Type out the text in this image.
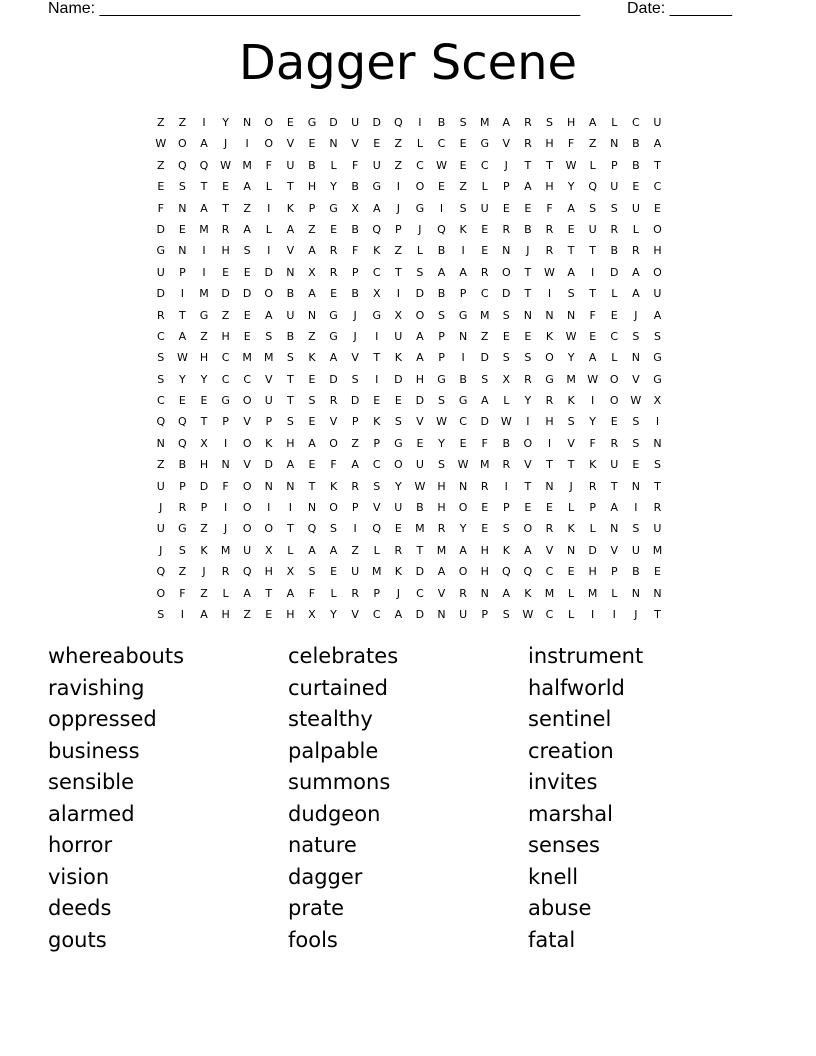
Name: ______________________________________________________	Date: _______
Dagger Scene
Z	Z	I	Y	N	O	E	G	D	U	D	Q	I	B	S	M	A	R	S	H	A	L	C	U
W	O	A	J	I	O	V	E	N	V	E	Z	L	C	E	G	V	R	H	F	Z	N	B	A
Z	Q	Q	W	M	F	U	B	L	F	U	Z	C	W	E	C	J	T	T	W	L	P	B	T
E	S	T	E	A	L	T	H	Y	B	G	I	O	E	Z	L	P	A	H	Y	Q	U	E	C
F	N	A	T	Z	I	K	P	G	X	A	J	G	I	S	U	E	E	F	A	S	S	U	E
D	E	M	R	A	L	A	Z	E	B	Q	P	J	Q	K	E	R	B	R	E	U	R	L	O
G	N	I	H	S	I	V	A	R	F	K	Z	L	B	I	E	N	J	R	T	T	B	R	H
U	P	I	E	E	D	N	X	R	P	C	T	S	A	A	R	O	T	W	A	I	D	A	O
D	I	M	D	D	O	B	A	E	B	X	I	D	B	P	C	D	T	I	S	T	L	A	U
R	T	G	Z	E	A	U	N	G	J	G	X	O	S	G	M	S	N	N	N	F	E	J	A
C	A	Z	H	E	S	B	Z	G	J	I	U	A	P	N	Z	E	E	K	W	E	C	S	S
S	W	H	C	M	M	S	K	A	V	T	K	A	P	I	D	S	S	O	Y	A	L	N	G
S	Y	Y	C	C	V	T	E	D	S	I	D	H	G	B	S	X	R	G	M	W	O	V	G
C	E	E	G	O	U	T	S	R	D	E	E	D	S	G	A	L	Y	R	K	I	O	W	X
Q	Q	T	P	V	P	S	E	V	P	K	S	V	W	C	D	W	I	H	S	Y	E	S	I
N	Q	X	I	O	K	H	A	O	Z	P	G	E	Y	E	F	B	O	I	V	F	R	S	N
Z	B	H	N	V	D	A	E	F	A	C	O	U	S	W	M	R	V	T	T	K	U	E	S
U	P	D	F	O	N	N	T	K	R	S	Y	W	H	N	R	I	T	N	J	R	T	N	T
J	R	P	I	O	I	I	N	O	P	V	U	B	H	O	E	P	E	E	L	P	A	I	R
U	G	Z	J	O	O	T	Q	S	I	Q	E	M	R	Y	E	S	O	R	K	L	N	S	U
J	S	K	M	U	X	L	A	A	Z	L	R	T	M	A	H	K	A	V	N	D	V	U	M
Q	Z	J	R	Q	H	X	S	E	U	M	K	D	A	O	H	Q	Q	C	E	H	P	B	E
O	F	Z	L	A	T	A	F	L	R	P	J	C	V	R	N	A	K	M	L	M	L	N	N
S	I	A	H	Z	E	H	X	Y	V	C	A	D	N	U	P	S	W	C	L	I	I	J	T
whereabouts	celebrates	instrument
ravishing	curtained	halfworld
oppressed	stealthy	sentinel
business	palpable	creation
sensible	summons	invites
alarmed	dudgeon	marshal
horror	nature	senses
vision	dagger	knell
deeds	prate	abuse
gouts	fools	fatal
